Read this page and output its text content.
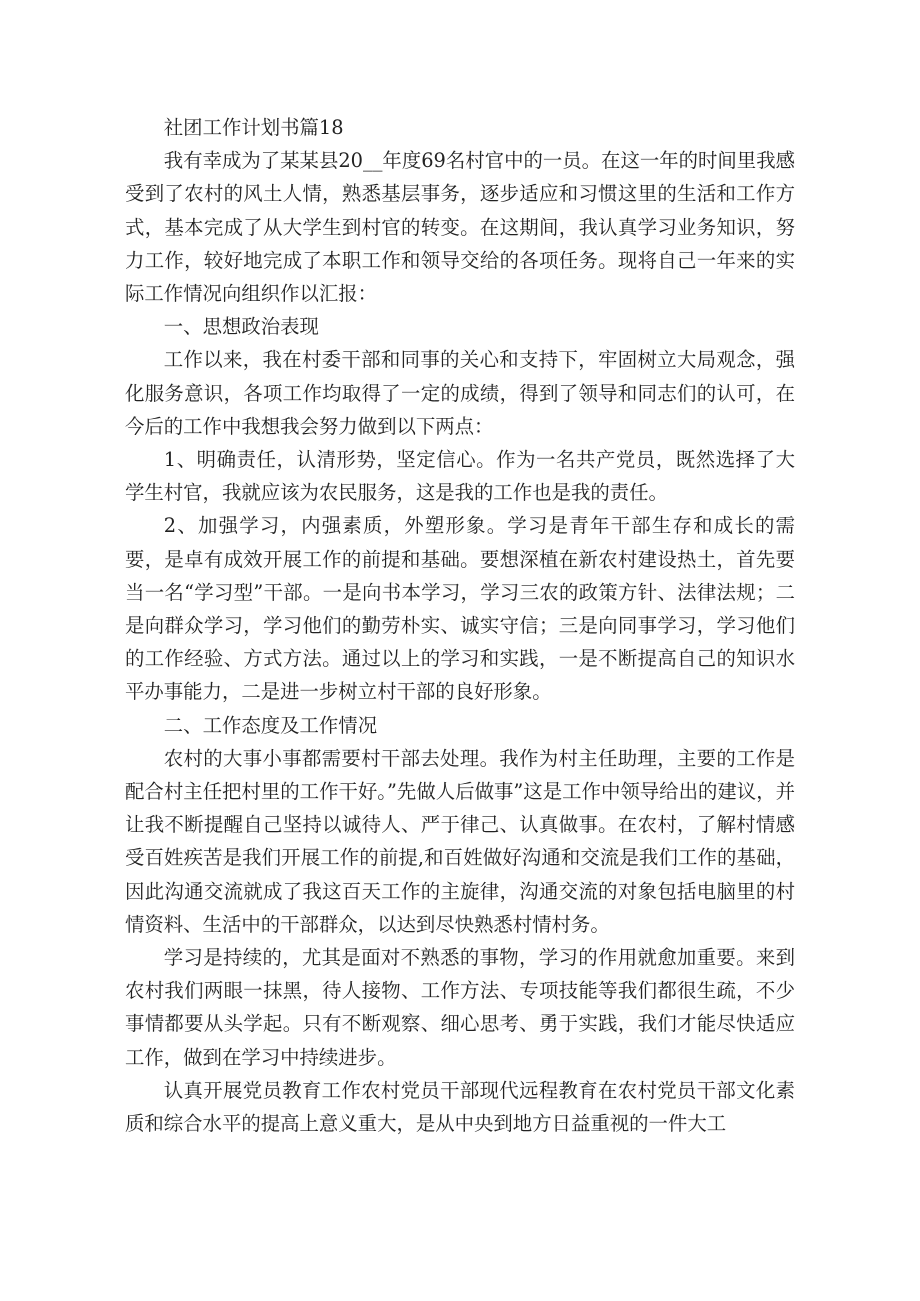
社团工作计划书篇18

我有幸成为了某某县20__年度69名村官中的一员。在这一年的时间里我感受到了农村的风土人情，熟悉基层事务，逐步适应和习惯这里的生活和工作方式，基本完成了从大学生到村官的转变。在这期间，我认真学习业务知识，努力工作，较好地完成了本职工作和领导交给的各项任务。现将自己一年来的实际工作情况向组织作以汇报：

一、思想政治表现

工作以来，我在村委干部和同事的关心和支持下，牢固树立大局观念，强化服务意识，各项工作均取得了一定的成绩，得到了领导和同志们的认可，在今后的工作中我想我会努力做到以下两点：

1、明确责任，认清形势，坚定信心。作为一名共产党员，既然选择了大学生村官，我就应该为农民服务，这是我的工作也是我的责任。

2、加强学习，内强素质，外塑形象。学习是青年干部生存和成长的需要，是卓有成效开展工作的前提和基础。要想深植在新农村建设热土，首先要当一名“学习型”干部。一是向书本学习，学习三农的政策方针、法律法规；二是向群众学习，学习他们的勤劳朴实、诚实守信；三是向同事学习，学习他们的工作经验、方式方法。通过以上的学习和实践，一是不断提高自己的知识水平办事能力，二是进一步树立村干部的良好形象。

二、工作态度及工作情况

农村的大事小事都需要村干部去处理。我作为村主任助理，主要的工作是配合村主任把村里的工作干好。”先做人后做事”这是工作中领导给出的建议，并让我不断提醒自己坚持以诚待人、严于律己、认真做事。在农村，了解村情感受百姓疾苦是我们开展工作的前提,和百姓做好沟通和交流是我们工作的基础，因此沟通交流就成了我这百天工作的主旋律，沟通交流的对象包括电脑里的村情资料、生活中的干部群众，以达到尽快熟悉村情村务。

学习是持续的，尤其是面对不熟悉的事物，学习的作用就愈加重要。来到农村我们两眼一抹黑，待人接物、工作方法、专项技能等我们都很生疏，不少事情都要从头学起。只有不断观察、细心思考、勇于实践，我们才能尽快适应工作，做到在学习中持续进步。

认真开展党员教育工作农村党员干部现代远程教育在农村党员干部文化素质和综合水平的提高上意义重大，是从中央到地方日益重视的一件大工
